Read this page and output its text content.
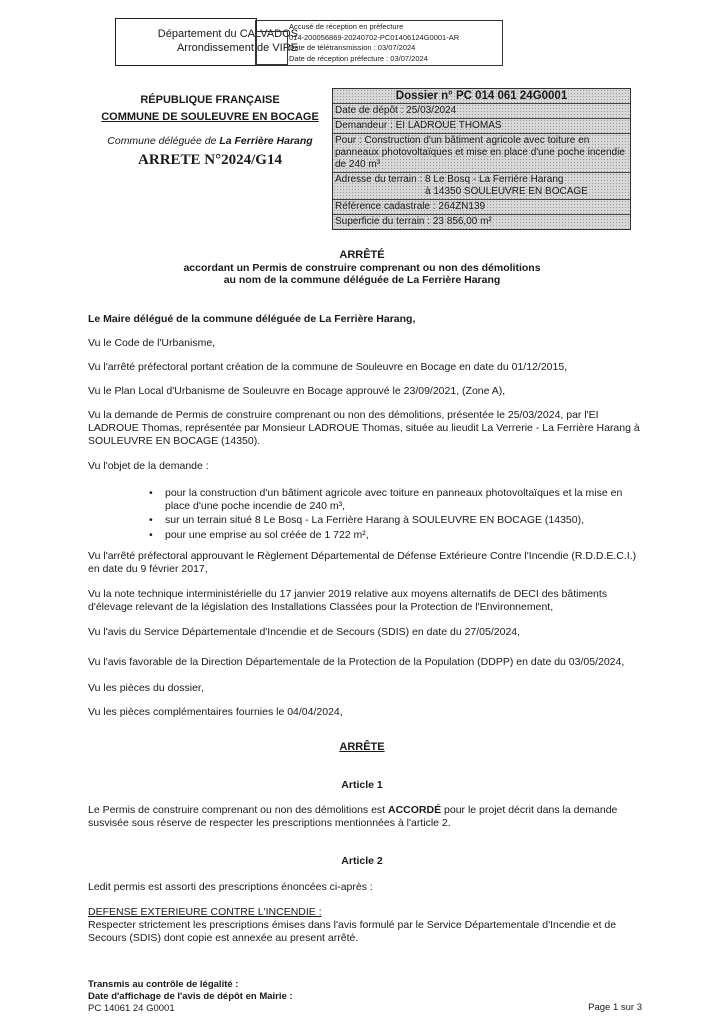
Département du CALVADOS
Arrondissement de VIRE
Accusé de réception en préfecture
014-200056869-20240702-PC01406124G0001-AR
Date de télétransmission : 03/07/2024
Date de réception préfecture : 03/07/2024
RÉPUBLIQUE FRANÇAISE
COMMUNE DE SOULEUVRE EN BOCAGE
Commune déléguée de La Ferrière Harang
ARRETE N°2024/G14
Dossier n° PC 014 061 24G0001
Date de dépôt : 25/03/2024
Demandeur : EI LADROUE THOMAS
Pour : Construction d'un bâtiment agricole avec toiture en panneaux photovoltaïques et mise en place d'une poche incendie de 240 m³
Adresse du terrain : 8 Le Bosq - La Ferrière Harang
à 14350 SOULEUVRE EN BOCAGE
Référence cadastrale : 264ZN139
Superficie du terrain : 23 856,00 m²
ARRÊTÉ
accordant un Permis de construire comprenant ou non des démolitions
au nom de la commune déléguée de La Ferrière Harang
Le Maire délégué de la commune déléguée de La Ferrière Harang,
Vu le Code de l'Urbanisme,
Vu l'arrêté préfectoral portant création de la commune de Souleuvre en Bocage en date du 01/12/2015,
Vu le Plan Local d'Urbanisme de Souleuvre en Bocage approuvé le 23/09/2021, (Zone A),
Vu la demande de Permis de construire comprenant ou non des démolitions, présentée le 25/03/2024, par l'EI LADROUE Thomas, représentée par Monsieur LADROUE Thomas, située au lieudit La Verrerie - La Ferrière Harang à SOULEUVRE EN BOCAGE (14350).
Vu l'objet de la demande :
• pour la construction d'un bâtiment agricole avec toiture en panneaux photovoltaïques et la mise en place d'une poche incendie de 240 m³,
• sur un terrain situé 8 Le Bosq - La Ferrière Harang à SOULEUVRE EN BOCAGE (14350),
• pour une emprise au sol créée de 1 722 m²,
Vu l'arrêté préfectoral approuvant le Règlement Départemental de Défense Extérieure Contre l'Incendie (R.D.D.E.C.I.) en date du 9 février 2017,
Vu la note technique interministérielle du 17 janvier 2019 relative aux moyens alternatifs de DECI des bâtiments d'élevage relevant de la législation des Installations Classées pour la Protection de l'Environnement,
Vu l'avis du Service Départementale d'Incendie et de Secours (SDIS) en date du 27/05/2024,
Vu l'avis favorable de la Direction Départementale de la Protection de la Population (DDPP) en date du 03/05/2024,
Vu les pièces du dossier,
Vu les pièces complémentaires fournies le 04/04/2024,
ARRÊTE
Article 1
Le Permis de construire comprenant ou non des démolitions est ACCORDÉ pour le projet décrit dans la demande susvisée sous réserve de respecter les prescriptions mentionnées à l'article 2.
Article 2
Ledit permis est assorti des prescriptions énoncées ci-après :
DEFENSE EXTERIEURE CONTRE L'INCENDIE :
Respecter strictement les prescriptions émises dans l'avis formulé par le Service Départementale d'Incendie et de Secours (SDIS) dont copie est annexée au present arrêté.
Transmis au contrôle de légalité :
Date d'affichage de l'avis de dépôt en Mairie :
PC 14061 24 G0001	Page 1 sur 3
